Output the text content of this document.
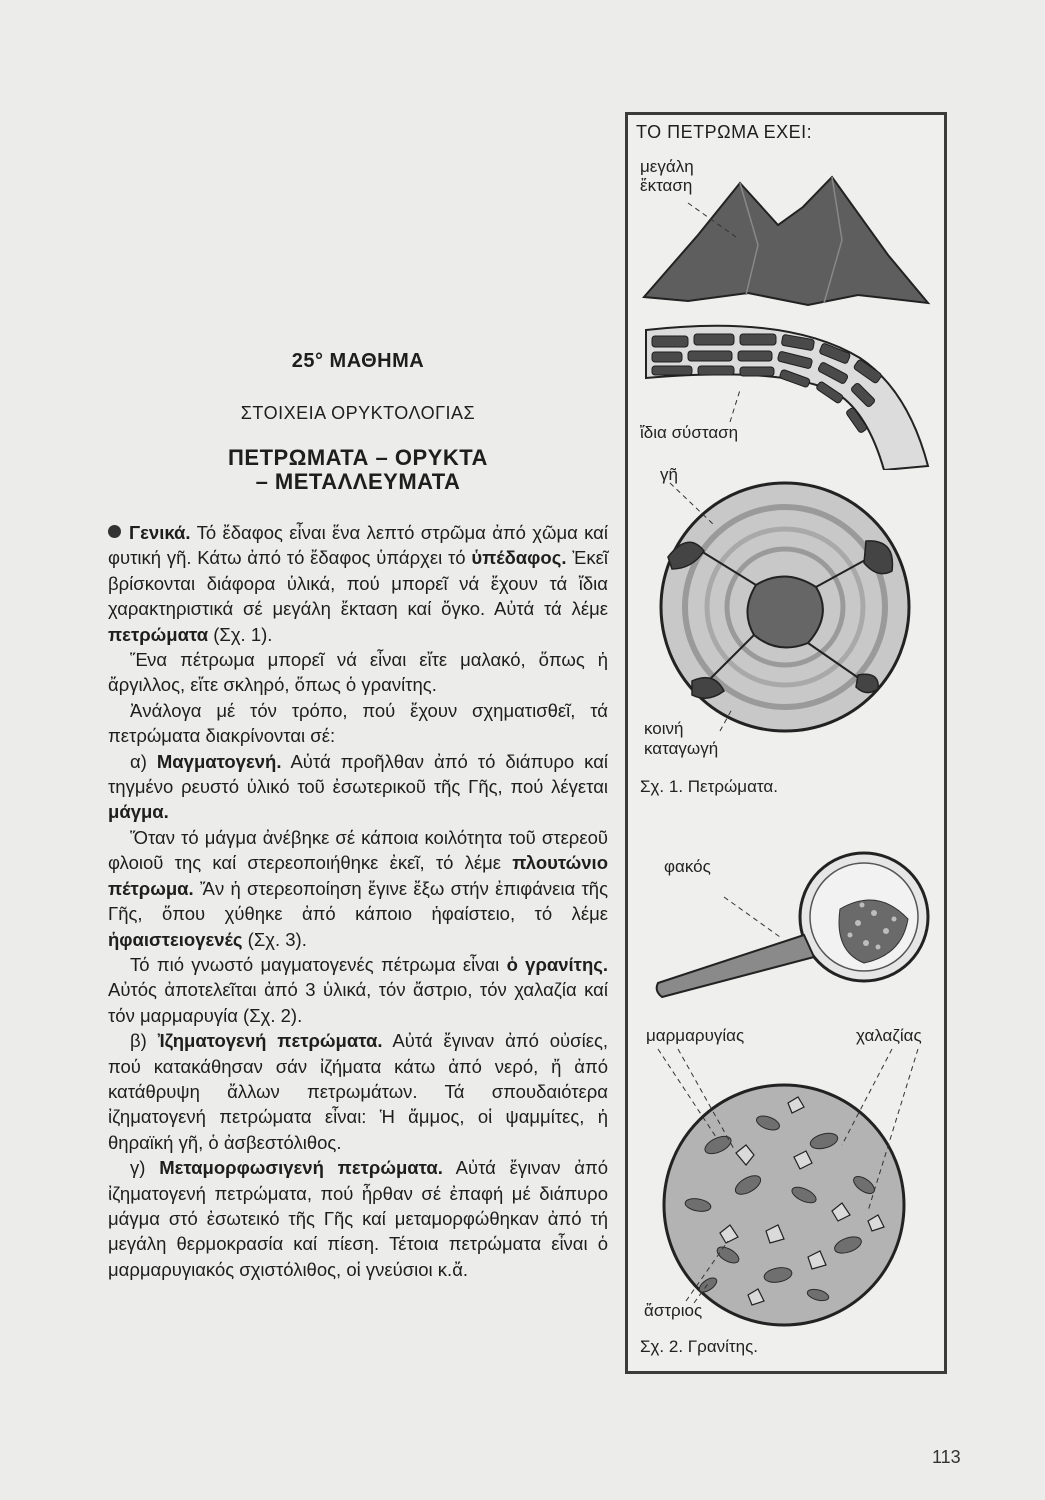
25° ΜΑΘΗΜΑ
ΣΤΟΙΧΕΙΑ ΟΡΥΚΤΟΛΟΓΙΑΣ
ΠΕΤΡΩΜΑΤΑ – ΟΡΥΚΤΑ
– ΜΕΤΑΛΛΕΥΜΑΤΑ

Γενικά. Τό ἔδαφος εἶναι ἕνα λεπτό στρῶμα ἀπό χῶμα καί φυτική γῆ. Κάτω ἀπό τό ἔδαφος ὑπάρχει τό ὑπέδαφος. Ἐκεῖ βρίσκονται διάφορα ὑλικά, πού μπορεῖ νά ἔχουν τά ἴδια χαρακτηριστικά σέ μεγάλη ἔκταση καί ὄγκο. Αὐτά τά λέμε πετρώματα (Σχ. 1).

Ἕνα πέτρωμα μπορεῖ νά εἶναι εἴτε μαλακό, ὅπως ἡ ἄργιλλος, εἴτε σκληρό, ὅπως ὁ γρανίτης.

Ἀνάλογα μέ τόν τρόπο, πού ἔχουν σχηματισθεῖ, τά πετρώματα διακρίνονται σέ:

α) Μαγματογενή. Αὐτά προῆλθαν ἀπό τό διάπυρο καί τηγμένο ρευστό ὑλικό τοῦ ἐσωτερικοῦ τῆς Γῆς, πού λέγεται μάγμα.

Ὅταν τό μάγμα ἀνέβηκε σέ κάποια κοιλότητα τοῦ στερεοῦ φλοιοῦ της καί στερεοποιήθηκε ἐκεῖ, τό λέμε πλουτώνιο πέτρωμα. Ἄν ἡ στερεοποίηση ἔγινε ἔξω στήν ἐπιφάνεια τῆς Γῆς, ὅπου χύθηκε ἀπό κάποιο ἡφαίστειο, τό λέμε ἡφαιστειογενές (Σχ. 3).

Τό πιό γνωστό μαγματογενές πέτρωμα εἶναι ὁ γρανίτης. Αὐτός ἀποτελεῖται ἀπό 3 ὑλικά, τόν ἄστριο, τόν χαλαζία καί τόν μαρμαρυγία (Σχ. 2).

β) Ἰζηματογενή πετρώματα. Αὐτά ἔγιναν ἀπό οὐσίες, πού κατακάθησαν σάν ἰζήματα κάτω ἀπό νερό, ἤ ἀπό κατάθρυψη ἄλλων πετρωμάτων. Τά σπουδαιότερα ἰζηματογενή πετρώματα εἶναι: Ἡ ἄμμος, οἱ ψαμμίτες, ἡ θηραϊκή γῆ, ὁ ἀσβεστόλιθος.

γ) Μεταμορφωσιγενή πετρώματα. Αὐτά ἔγιναν ἀπό ἰζηματογενή πετρώματα, πού ἦρθαν σέ ἐπαφή μέ διάπυρο μάγμα στό ἐσωτεικό τῆς Γῆς καί μεταμορφώθηκαν ἀπό τή μεγάλη θερμοκρασία καί πίεση. Τέτοια πετρώματα εἶναι ὁ μαρμαρυγιακός σχιστόλιθος, οἱ γνεύσιοι κ.ἄ.

ΤΟ ΠΕΤΡΩΜΑ ΕΧΕΙ:
μεγάλη
ἔκταση
ἴδια σύσταση
γῆ
κοινή
καταγωγή
Σχ. 1. Πετρώματα.
φακός
μαρμαρυγίας	χαλαζίας
ἄστριος
Σχ. 2. Γρανίτης.
113
